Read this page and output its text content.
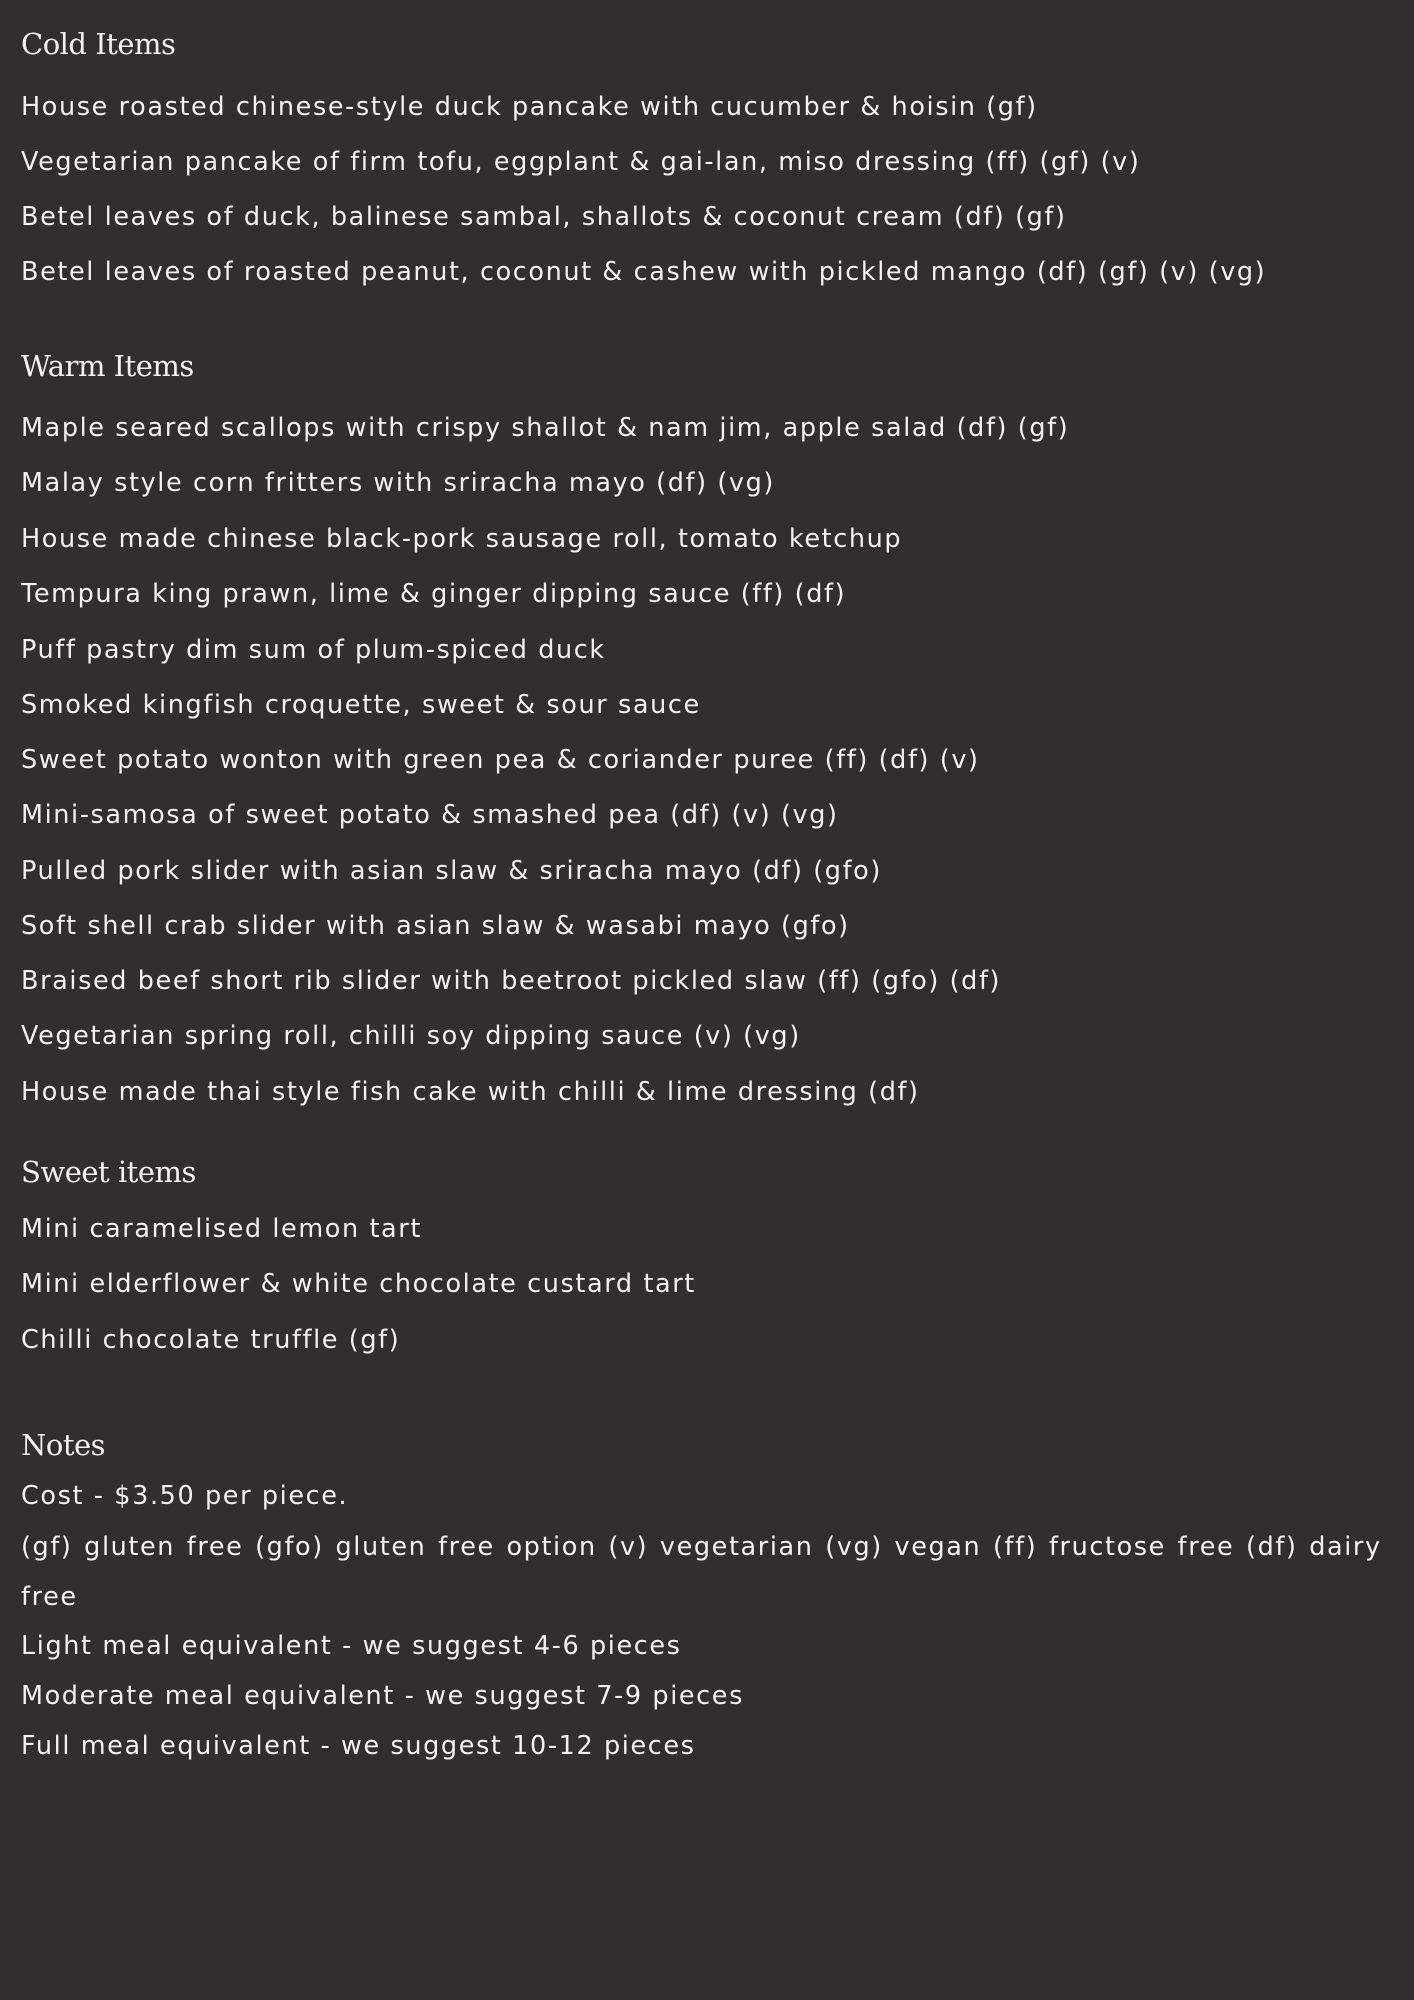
Cold Items
House roasted chinese-style duck pancake with cucumber & hoisin (gf)
Vegetarian pancake of firm tofu, eggplant & gai-lan, miso dressing (ff) (gf) (v)
Betel leaves of duck, balinese sambal, shallots & coconut cream (df) (gf)
Betel leaves of roasted peanut, coconut & cashew with pickled mango (df) (gf) (v) (vg)
Warm Items
Maple seared scallops with crispy shallot & nam jim, apple salad (df) (gf)
Malay style corn fritters with sriracha mayo (df) (vg)
House made chinese black-pork sausage roll, tomato ketchup
Tempura king prawn, lime & ginger dipping sauce (ff) (df)
Puff pastry dim sum of plum-spiced duck
Smoked kingfish croquette, sweet & sour sauce
Sweet potato wonton with green pea & coriander puree (ff) (df) (v)
Mini-samosa of sweet potato & smashed pea (df) (v) (vg)
Pulled pork slider with asian slaw & sriracha mayo (df) (gfo)
Soft shell crab slider with asian slaw & wasabi mayo (gfo)
Braised beef short rib slider with beetroot pickled slaw (ff) (gfo) (df)
Vegetarian spring roll, chilli soy dipping sauce (v) (vg)
House made thai style fish cake with chilli & lime dressing (df)
Sweet items
Mini caramelised lemon tart
Mini elderflower & white chocolate custard tart
Chilli chocolate truffle (gf)
Notes
Cost - $3.50 per piece.
(gf) gluten free (gfo) gluten free option (v) vegetarian (vg) vegan (ff) fructose free (df) dairy free
Light meal equivalent - we suggest 4-6 pieces
Moderate meal equivalent - we suggest 7-9 pieces
Full meal equivalent - we suggest 10-12 pieces
